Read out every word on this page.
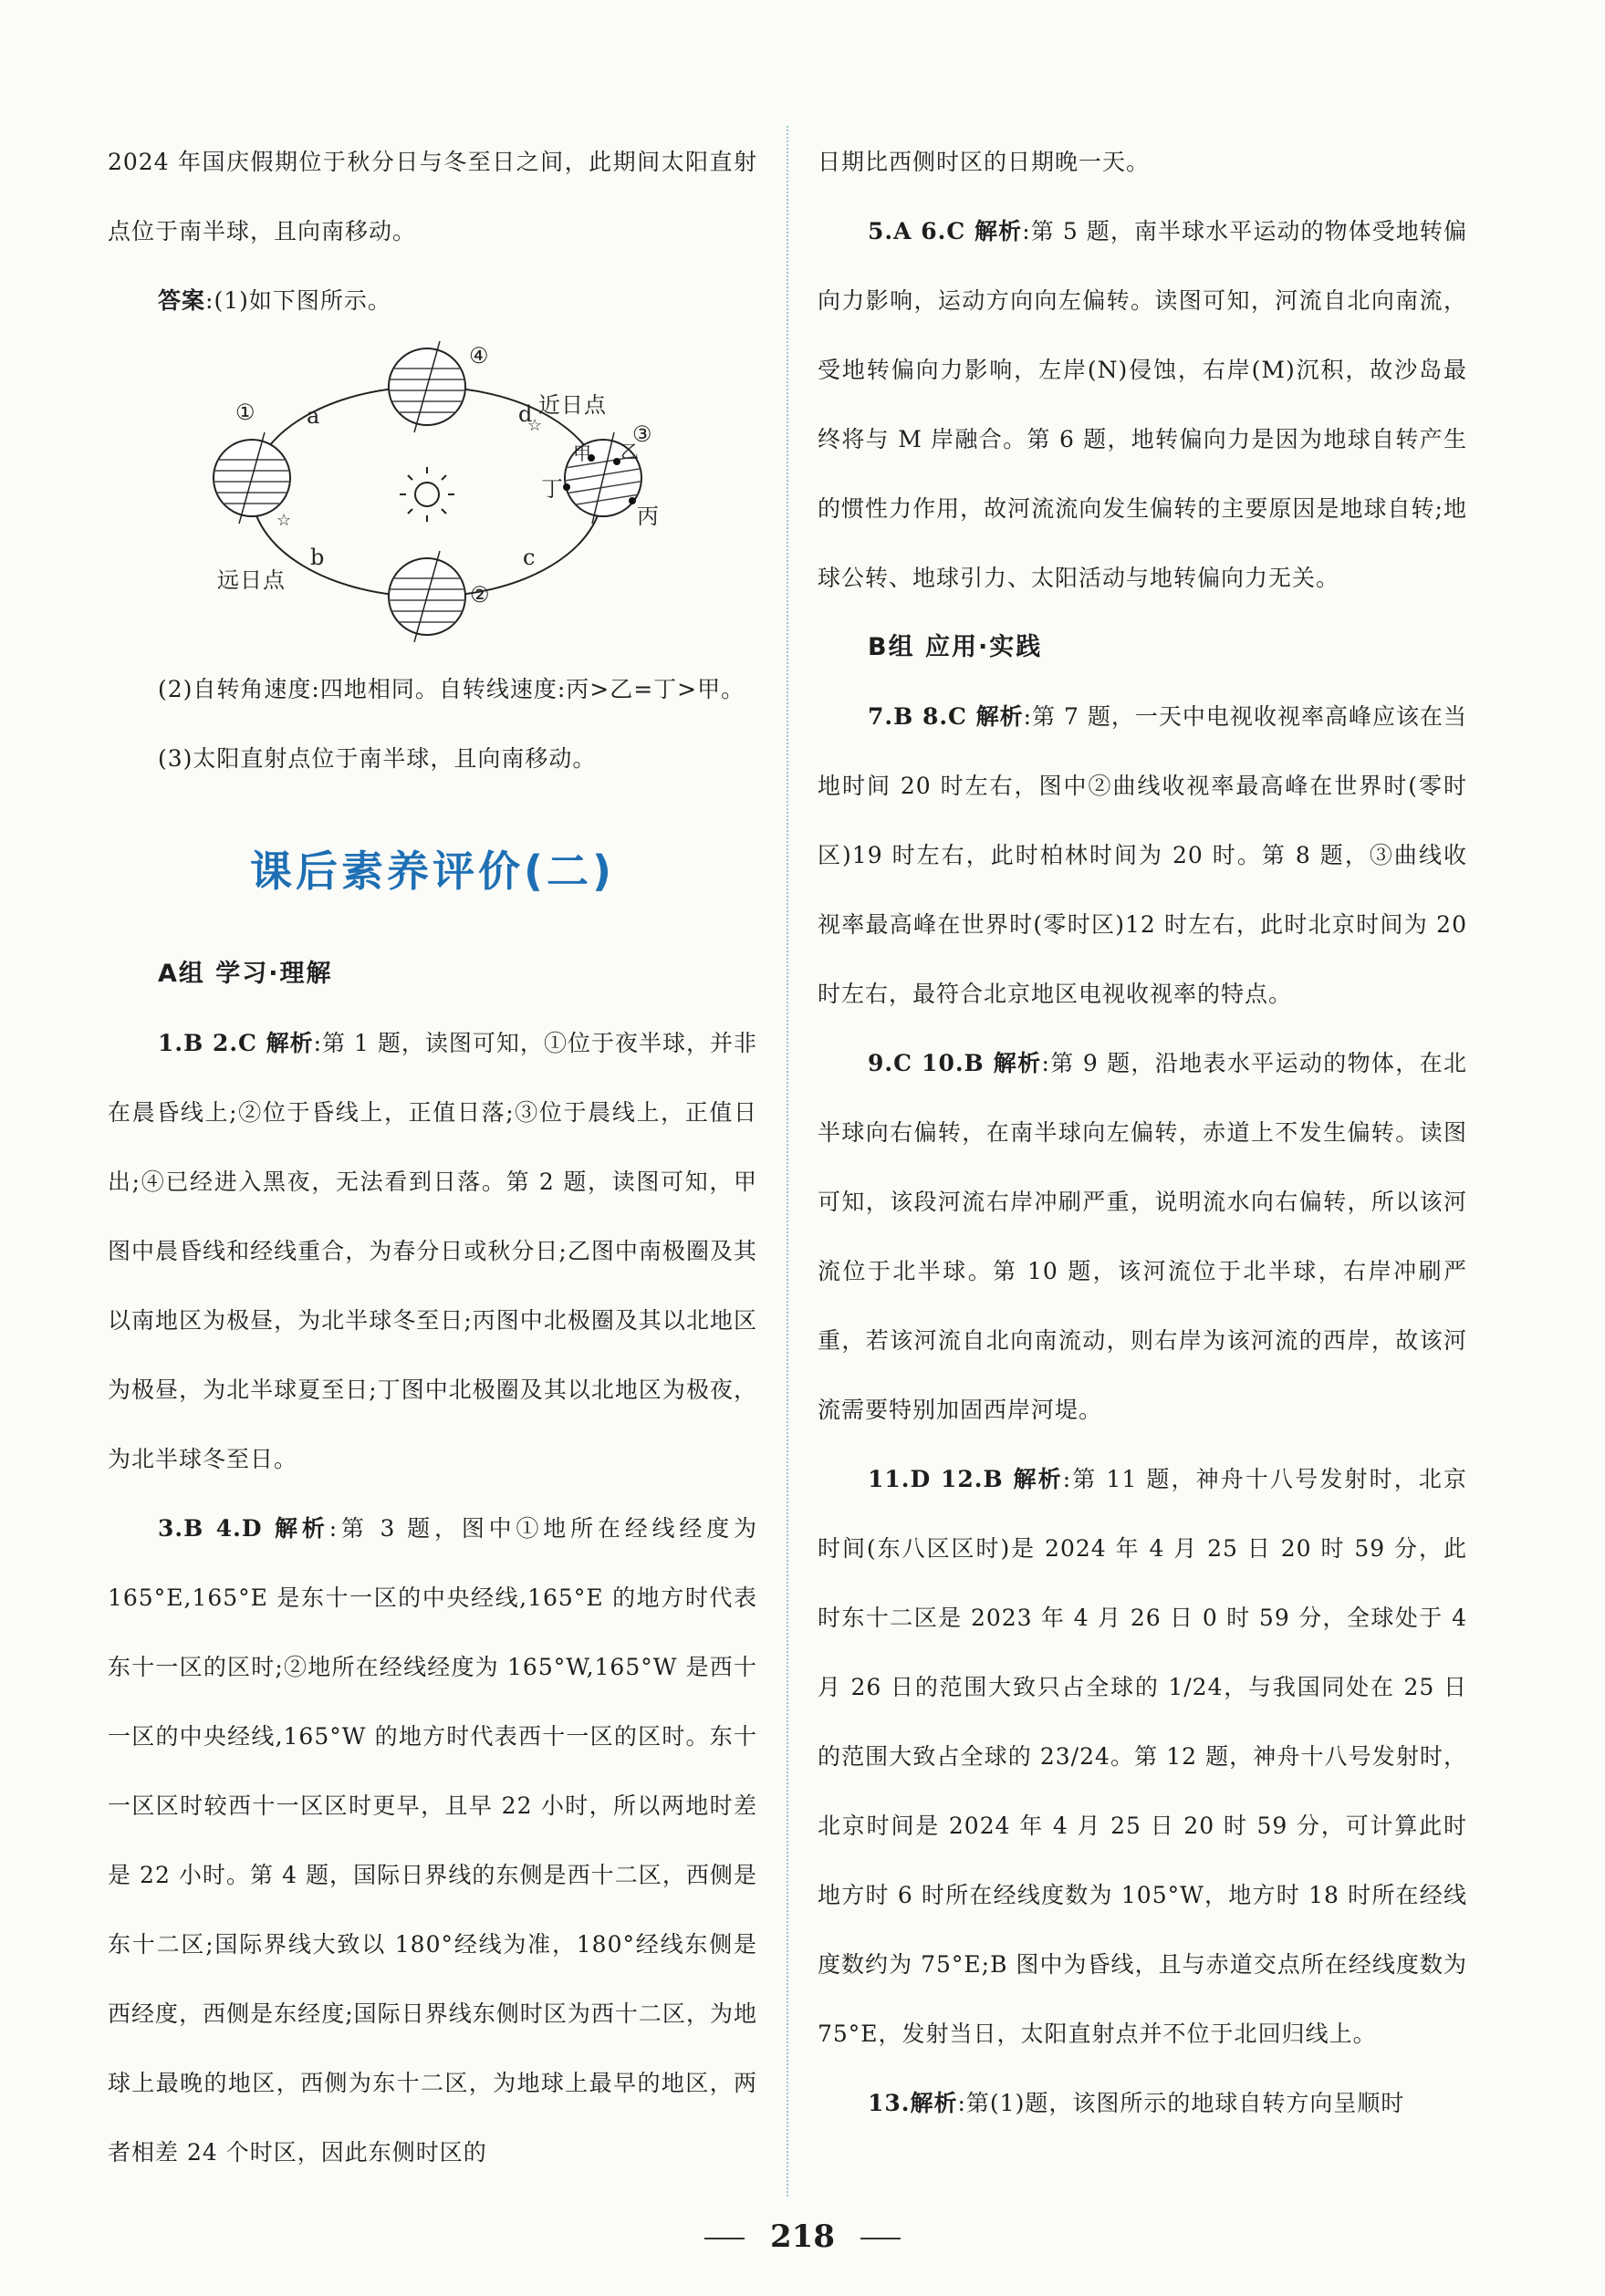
2024 年国庆假期位于秋分日与冬至日之间，此期间太阳直射点位于南半球，且向南移动。

答案:(1)如下图所示。

☆
☆
①
②
③
④
a
b	c
d 近日点
远日点
甲 乙
丙
丁

(2)自转角速度:四地相同。自转线速度:丙>乙=丁>甲。

(3)太阳直射点位于南半球，且向南移动。

课后素养评价(二)

A组 学习·理解

1.B 2.C 解析:第 1 题，读图可知，①位于夜半球，并非在晨昏线上;②位于昏线上，正值日落;③位于晨线上，正值日出;④已经进入黑夜，无法看到日落。第 2 题，读图可知，甲图中晨昏线和经线重合，为春分日或秋分日;乙图中南极圈及其以南地区为极昼，为北半球冬至日;丙图中北极圈及其以北地区为极昼，为北半球夏至日;丁图中北极圈及其以北地区为极夜，为北半球冬至日。

3.B 4.D 解析:第 3 题，图中①地所在经线经度为165°E,165°E 是东十一区的中央经线,165°E 的地方时代表东十一区的区时;②地所在经线经度为 165°W,165°W 是西十一区的中央经线,165°W 的地方时代表西十一区的区时。东十一区区时较西十一区区时更早，且早 22 小时，所以两地时差是 22 小时。第 4 题，国际日界线的东侧是西十二区，西侧是东十二区;国际界线大致以 180°经线为准，180°经线东侧是西经度，西侧是东经度;国际日界线东侧时区为西十二区，为地球上最晚的地区，西侧为东十二区，为地球上最早的地区，两者相差 24 个时区，因此东侧时区的

日期比西侧时区的日期晚一天。

5.A 6.C 解析:第 5 题，南半球水平运动的物体受地转偏向力影响，运动方向向左偏转。读图可知，河流自北向南流，受地转偏向力影响，左岸(N)侵蚀，右岸(M)沉积，故沙岛最终将与 M 岸融合。第 6 题，地转偏向力是因为地球自转产生的惯性力作用，故河流流向发生偏转的主要原因是地球自转;地球公转、地球引力、太阳活动与地转偏向力无关。

B组 应用·实践

7.B 8.C 解析:第 7 题，一天中电视收视率高峰应该在当地时间 20 时左右，图中②曲线收视率最高峰在世界时(零时区)19 时左右，此时柏林时间为 20 时。第 8 题，③曲线收视率最高峰在世界时(零时区)12 时左右，此时北京时间为 20 时左右，最符合北京地区电视收视率的特点。

9.C 10.B 解析:第 9 题，沿地表水平运动的物体，在北半球向右偏转，在南半球向左偏转，赤道上不发生偏转。读图可知，该段河流右岸冲刷严重，说明流水向右偏转，所以该河流位于北半球。第 10 题，该河流位于北半球，右岸冲刷严重，若该河流自北向南流动，则右岸为该河流的西岸，故该河流需要特别加固西岸河堤。

11.D 12.B 解析:第 11 题，神舟十八号发射时，北京时间(东八区区时)是 2024 年 4 月 25 日 20 时 59 分，此时东十二区是 2023 年 4 月 26 日 0 时 59 分，全球处于 4 月 26 日的范围大致只占全球的 1/24，与我国同处在 25 日的范围大致占全球的 23/24。第 12 题，神舟十八号发射时，北京时间是 2024 年 4 月 25 日 20 时 59 分，可计算此时地方时 6 时所在经线度数为 105°W，地方时 18 时所在经线度数约为 75°E;B 图中为昏线，且与赤道交点所在经线度数为 75°E，发射当日，太阳直射点并不位于北回归线上。

13.解析:第(1)题，该图所示的地球自转方向呈顺时

218
